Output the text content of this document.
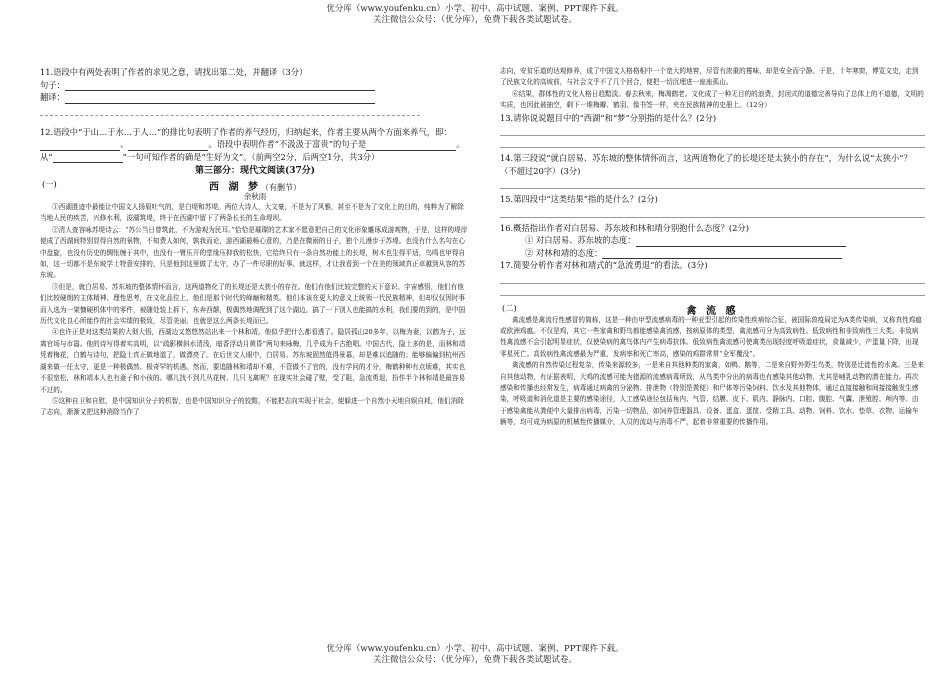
优分库（www.youfenku.cn）小学、初中、高中试题、案例、PPT课件下载。
关注微信公众号：（优分库），免费下载各类试题试卷。

11.语段中有两处表明了作者的求见之意，请找出第二处，并翻译（3分）

句子：

翻译：

12.语段中“于山…于水…于人…”的排比句表明了作者的养气经历，归纳起来，作者主要从两个方面来养气，即：、	。语段中表明作者“不汲汲于富贵”的句子是	。从“	”一句可知作者的确是“生好为文”。（前两空2分，后两空1分，共3分）

第三部分：现代文阅读(37分)

(一)	西 湖 梦（有删节）
余秋雨

①西湖胜迹中最能让中国文人扬眉吐气的，是白堤和苏堤。两位大诗人，大文豪，不是为了风雅，甚至不是为了文化上的目的，纯粹为了解除当地人民的疾苦，兴修水利，浚湖筑堤，终于在西湖中留下了两条长长的生命堤坝。

②清人查容咏苏堤诗云：“苏公当日曾筑此，不为游观为民耳。”恰恰是璀璨的艺术家不愿意把自己的文化形象雕琢成游观物，于是，这样的堤岸便成了西湖间特别显得自然的景物，不知费人如何，孰我而论，游西湖最畅心意的，乃是在微雨的日子，独个儿漫步于苏堤。也没有什么名句在心中盘旋，也没有历史的惆怅缠于其中，也没有一臂压开的堂缘压抑我的松快，它给终只有一条自然功能上的长堤，树木也生得平适，鸟鸣也甲得自如，这一切都不是东坡学士特意安排的，只是他到这里做了太守，办了一件尽职的好事。就这样，才让我看到一个在美的领域真正卓越到从容的苏东坡。

③但是，就白居易、苏东坡的整体情怀而言，这两道物化了的长堤还是太狭小的存在。他们有他们比较完整的天下意识、宇宙感悟，他们有他们比较硬朗的主体精神、理性思考，在文化品位上，他们是那个时代的峰巅和精英。他们本该在更大的意义上统领一代民族精神，但却仅仅因时事而入选为一架慷硬机体中的零件，被随处装上拆下，东奔西颠，极偶然地调配到了这个湖边，搞了一下别人也能搞的水利，我们要的到的，是中国历代文化良心所能作的社会实绩的极致，尽管美丽，也就是这么两条长堤而已。

④也许正是对这类结果的大彻大悟，西湖边又悠悠然站出来一个林和靖。他似乎把什么都看透了。隐居孤山20多年，以梅为妻，以鹤为子，远离官场与市嚣。他的诗写得着实高明，以“疏影横斜水清浅，暗香浮动月黄昏”两句来咏梅，几乎成为千古绝唱。中国古代，隐士多的是，而林和靖凭着梅花，白鹤与诗句，把隐士真正做地道了，做漂亮了。在后世文人眼中，白居易、苏东坡固然值得景慕，却是难以追随的；能够偏偏到杭州西湖来做一任太守，更是一种极偶然、极奇罕的机遇。然而，要追随林和靖却不难，不管做不了官的，没有学问的才分，梅鹤种种有点烦难，其实也不很宽松，林和靖本人也有妻子和小孩的。哪儿找不到几丛花树、几只飞禽呢？在现实社会碰了壁，受了阻，急流勇退，扮作半个林和靖是最容易不过的。

⑤这种自卫和自慰，是中国知识分子的机智，也是中国知识分子的狡黠，不能把志向实现于社会，便躲进一个自然小天地自娱自耗，他们消除了志向，渐渐又把这种消除当作了

志向，安贫乐道的达观修养，成了中国文人格格相中一个宽大的地窖，尽管有浓重的霉味，却是安全而宁静。于是，十年寒窗，博览文史，走到了民族文化的高坡前，与社会文乎不了几个回合，便把一切沉埋进一座座孤山。

⑥结果，群体性的文化人格日趋黯淡。春去秋来，梅凋鹤老。文化成了一种无目的的浪费，封闭式的道德完善导向了总体上的不道德，文明的实质，也因此被抽空，剩下一堆梅瓣、鹤羽、像书签一样，夹在民族精神的史册上。（12分）

13.请你说说题目中的“西湖”和“梦”分别指的是什么？(2分)

14.第三段说“就白居易、苏东坡的整体情怀而言，这两道物化了的长堤还是太狭小的存在”，为什么说“太狭小”？（不超过20字）(3分)

15.第四段中“这类结果”指的是什么？(2分)

16.概括指出作者对白居易、苏东坡和林和靖分别抱什么态度？(2分)

① 对白居易、苏东坡的态度：
② 对林和靖的态度：

17.简要分析作者对林和靖式的“急流勇退”的看法。(3分)

(二)	禽 流 感

禽流感是禽流行性感冒的简称，这是一种由甲型流感病毒的一种亚型引起的传染性疾病综合征，被国际兽疫局定为A类传染病，又称真性鸡瘟或欧洲鸡瘟。不仅是鸡，其它一些家禽和野鸟都能感染禽流感，按病原体的类型，禽流感可分为高致病性、低致病性和非致病性三大类。非致病性禽流感不会引起明显症状，仅使染病的禽鸟体内产生病毒抗体。低致病性禽流感可使禽类出现轻度呼吸道症状，食量减少，产蛋量下降，出现零星死亡。高致病性禽流感最为严重，发病率和死亡率高，感染的鸡群常常“全军覆没”。

禽流感的自然传染过程复杂，传染来源较多，一是来自其他种类的家禽，如鸭、鹅等，二是来自野外野生鸟类，特别是迁徙性的水禽。三是来自其他动物，有证据表明，大鸡的流感可能为猪源的流感病毒所致，从鸟类中分出的病毒也有感染其他动物，尤其是哺乳动物的潜在能力。再次感染和传播也经常发生，病毒通过病禽的分泌物、排泄物（特别是粪便）和尸体等污染饲料、饮水及其他物体，通过直接接触和间接接触发生感染，呼吸道和消化道是主要的感染途径，人工感染途径包括角内、气管、结膜、皮下、肌内、静脉内、口腔、腹腔、气囊、泄殖腔、颅内等。由于感染禽能从粪便中大量排出病毒，污染一切物品，如饲养管理器具、设备、蛋盒、蛋筐、受精工具、动物、饲料、饮水、垫草、衣物、运输车辆等，均可成为病原的机械性传播媒介，人员的流动与消毒不严，起着非常重要的传播作用。

优分库（www.youfenku.cn）小学、初中、高中试题、案例、PPT课件下载。
关注微信公众号：（优分库），免费下载各类试题试卷。
